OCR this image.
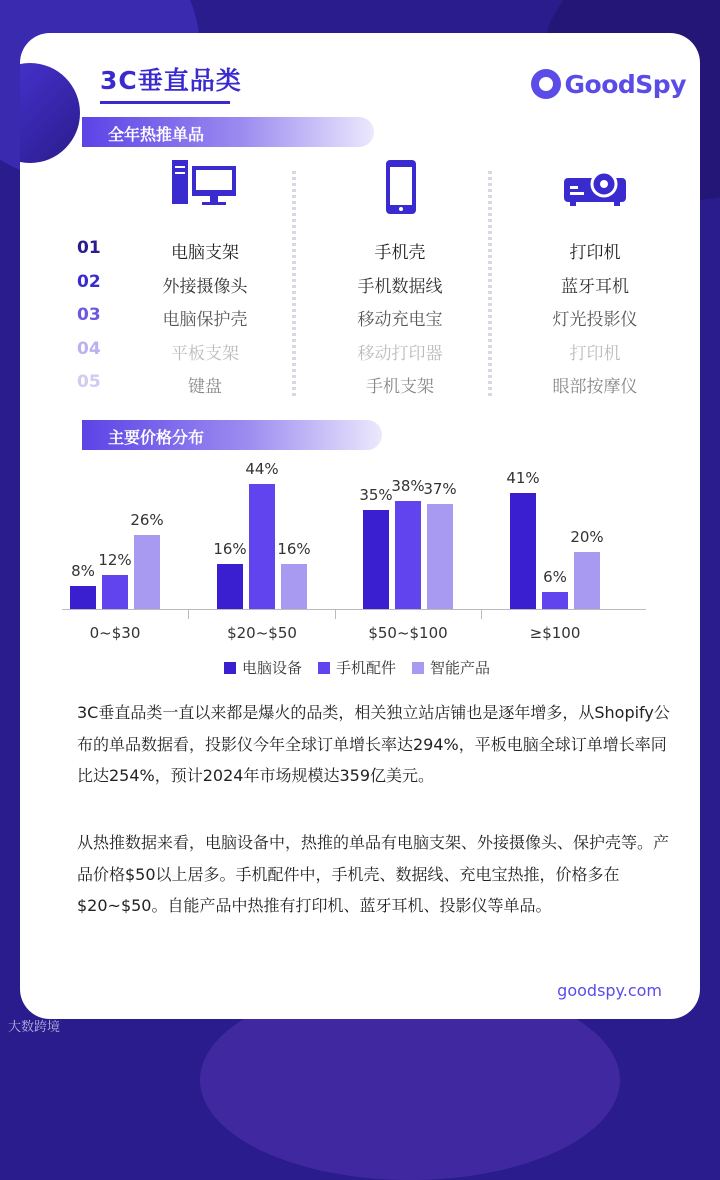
3C垂直品类	GoodSpy
全年热推单品
01
02
03
04
05
电脑支架
外接摄像头
电脑保护壳
平板支架
键盘
手机壳
手机数据线
移动充电宝
移动打印器
手机支架
打印机
蓝牙耳机
灯光投影仪
打印机
眼部按摩仪
主要价格分布
8%
12%
26%
0~$30
16%
44%
16%
$20~$50
35%
38%
37%
$50~$100
41%
6%
20%
≥$100
电脑设备 手机配件 智能产品
3C垂直品类一直以来都是爆火的品类，相关独立站店铺也是逐年增多，从Shopify公布的单品数据看，投影仪今年全球订单增长率达294%，平板电脑全球订单增长率同比达254%，预计2024年市场规模达359亿美元。
从热推数据来看，电脑设备中，热推的单品有电脑支架、外接摄像头、保护壳等。产品价格$50以上居多。手机配件中，手机壳、数据线、充电宝热推，价格多在$20~$50。自能产品中热推有打印机、蓝牙耳机、投影仪等单品。
goodspy.com
大数跨境
